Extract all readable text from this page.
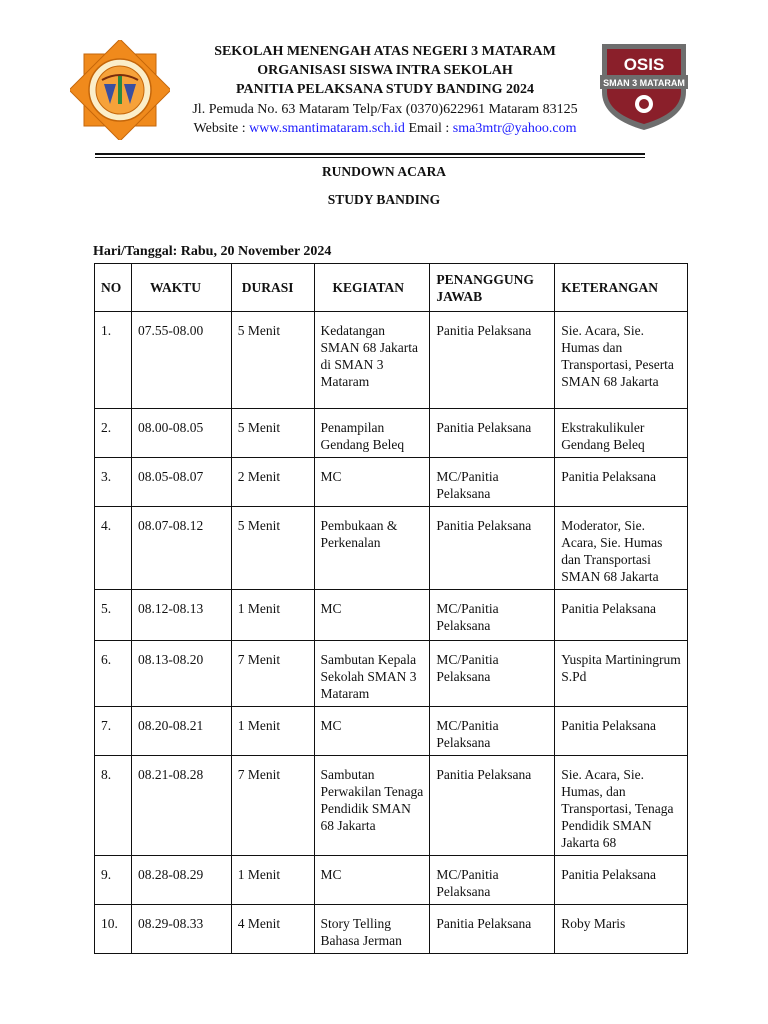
SEKOLAH MENENGAH ATAS NEGERI 3 MATARAM
ORGANISASI SISWA INTRA SEKOLAH
PANITIA PELAKSANA STUDY BANDING 2024
Jl. Pemuda No. 63 Mataram Telp/Fax (0370)622961 Mataram 83125
Website : www.smantimataram.sch.id Email : sma3mtr@yahoo.com
OSIS
SMAN 3 MATARAM
RUNDOWN ACARA
STUDY BANDING
Hari/Tanggal: Rabu, 20 November 2024
NO	WAKTU	DURASI	KEGIATAN	PENANGGUNG JAWAB	KETERANGAN
1.	07.55-08.00	5 Menit	Kedatangan SMAN 68 Jakarta di SMAN 3 Mataram	Panitia Pelaksana	Sie. Acara, Sie. Humas dan Transportasi, Peserta SMAN 68 Jakarta
2.	08.00-08.05	5 Menit	Penampilan Gendang Beleq	Panitia Pelaksana	Ekstrakulikuler Gendang Beleq
3.	08.05-08.07	2 Menit	MC	MC/Panitia Pelaksana	Panitia Pelaksana
4.	08.07-08.12	5 Menit	Pembukaan & Perkenalan	Panitia Pelaksana	Moderator, Sie. Acara, Sie. Humas dan Transportasi SMAN 68 Jakarta
5.	08.12-08.13	1 Menit	MC	MC/Panitia Pelaksana	Panitia Pelaksana
6.	08.13-08.20	7 Menit	Sambutan Kepala Sekolah SMAN 3 Mataram	MC/Panitia Pelaksana	Yuspita Martiningrum S.Pd
7.	08.20-08.21	1 Menit	MC	MC/Panitia Pelaksana	Panitia Pelaksana
8.	08.21-08.28	7 Menit	Sambutan Perwakilan Tenaga Pendidik SMAN 68 Jakarta	Panitia Pelaksana	Sie. Acara, Sie. Humas, dan Transportasi, Tenaga Pendidik SMAN Jakarta 68
9.	08.28-08.29	1 Menit	MC	MC/Panitia Pelaksana	Panitia Pelaksana
10.	08.29-08.33	4 Menit	Story Telling Bahasa Jerman	Panitia Pelaksana	Roby Maris
